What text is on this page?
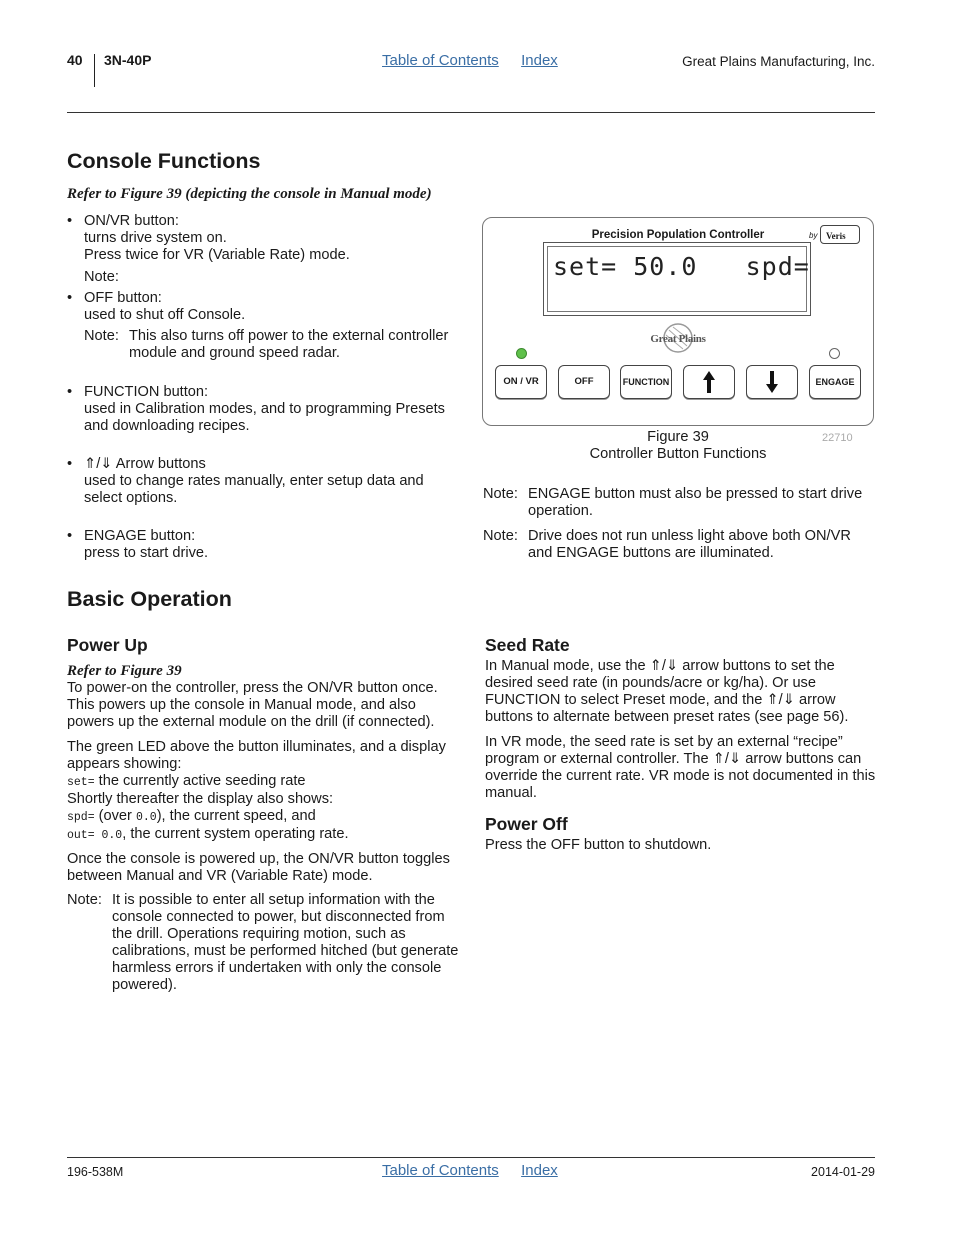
40 3N-40P	Table of Contents Index	Great Plains Manufacturing, Inc.
Console Functions
Refer to Figure 39 (depicting the console in Manual mode)
• ON/VR button:
turns drive system on.
Press twice for VR (Variable Rate) mode.
Note:
• OFF button:
used to shut off Console.
Note: This also turns off power to the external controller module and ground speed radar.
• FUNCTION button:
used in Calibration modes, and to programming Presets and downloading recipes.
• ⇑/⇓ Arrow buttons
used to change rates manually, enter setup data and select options.
• ENGAGE button:
press to start drive.
Precision Population Controller	by Veris
set= 50.0   spd=
Great Plains
ON / VR	OFF	FUNCTION	ENGAGE
Figure 39
Controller Button Functions
22710
Note: ENGAGE button must also be pressed to start drive operation.
Note: Drive does not run unless light above both ON/VR and ENGAGE buttons are illuminated.
Basic Operation
Power Up
Refer to Figure 39
To power-on the controller, press the ON/VR button once. This powers up the console in Manual mode, and also powers up the external module on the drill (if connected).
The green LED above the button illuminates, and a display appears showing:
set= the currently active seeding rate
Shortly thereafter the display also shows:
spd= (over 0.0), the current speed, and
out= 0.0, the current system operating rate.
Once the console is powered up, the ON/VR button toggles between Manual and VR (Variable Rate) mode.
Note: It is possible to enter all setup information with the console connected to power, but disconnected from the drill. Operations requiring motion, such as calibrations, must be performed hitched (but generate harmless errors if undertaken with only the console powered).
Seed Rate
In Manual mode, use the ⇑/⇓ arrow buttons to set the desired seed rate (in pounds/acre or kg/ha). Or use FUNCTION to select Preset mode, and the ⇑/⇓ arrow buttons to alternate between preset rates (see page 56).
In VR mode, the seed rate is set by an external “recipe” program or external controller. The ⇑/⇓ arrow buttons can override the current rate. VR mode is not documented in this manual.
Power Off
Press the OFF button to shutdown.
196-538M	Table of Contents Index	2014-01-29
